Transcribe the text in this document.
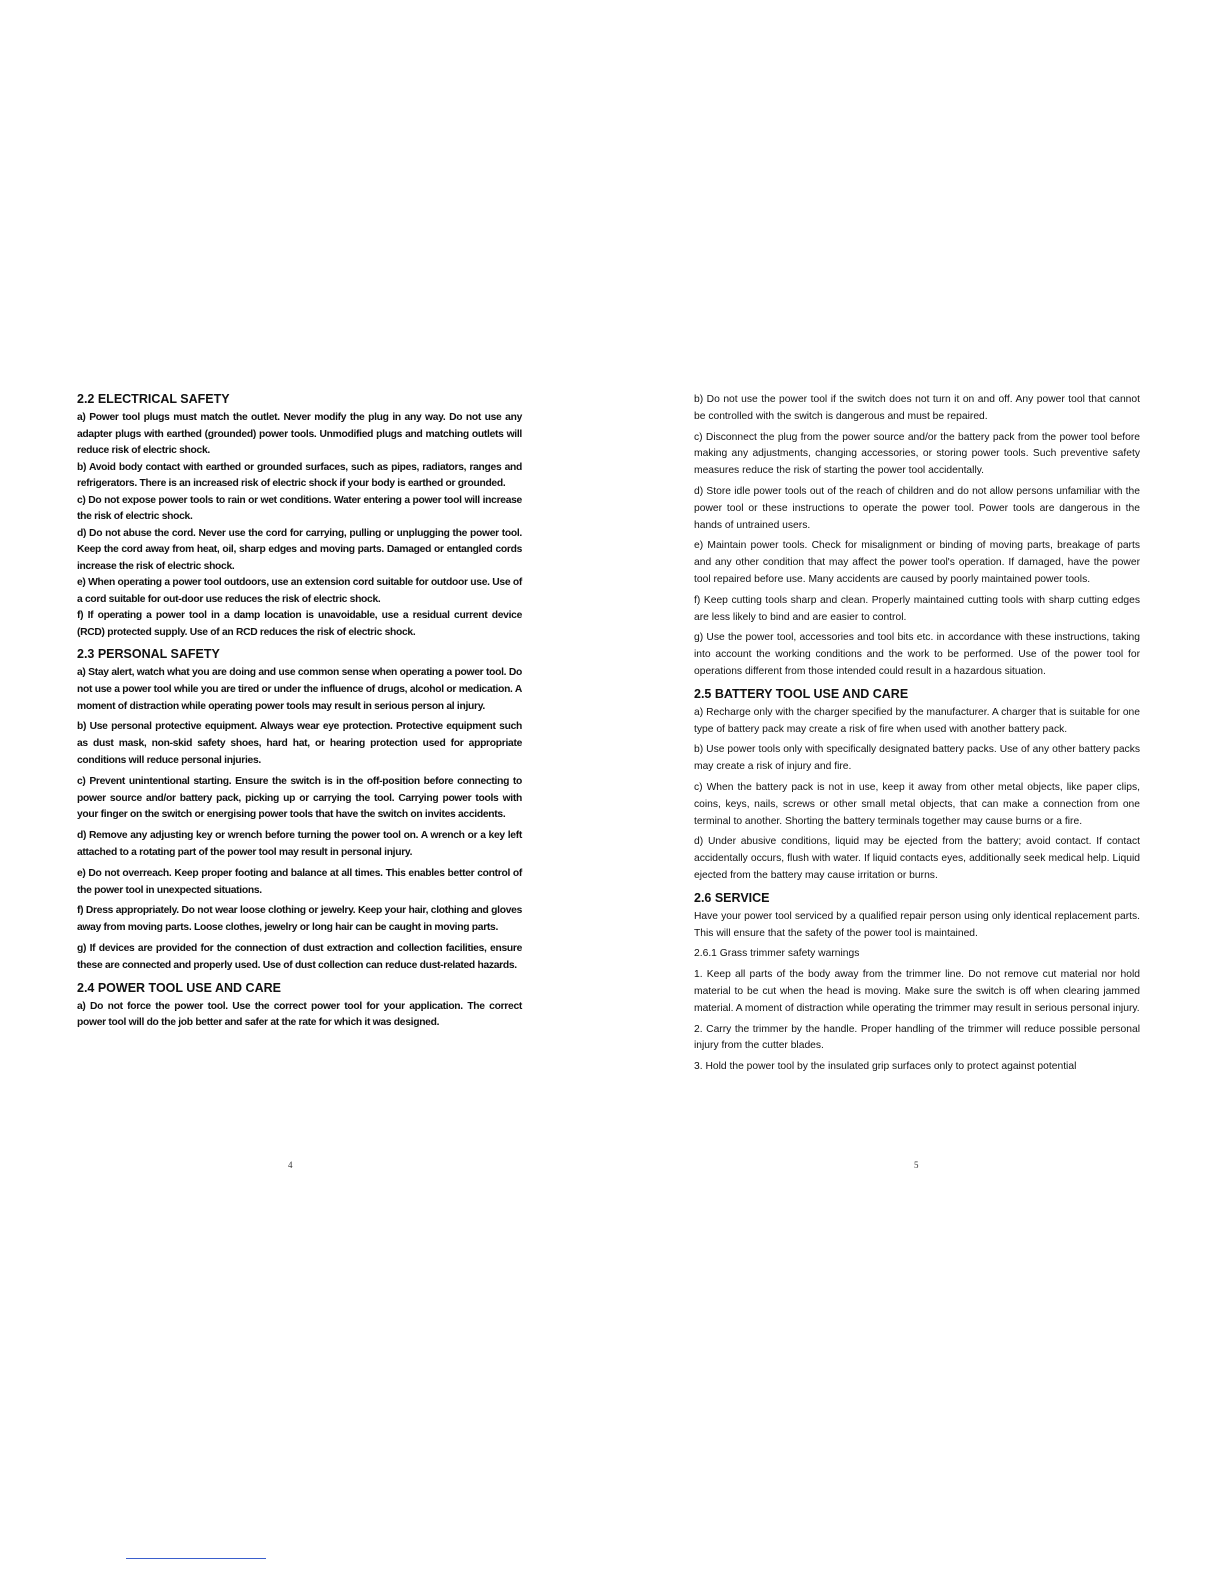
2.2 ELECTRICAL SAFETY

a) Power tool plugs must match the outlet. Never modify the plug in any way. Do not use any adapter plugs with earthed (grounded) power tools. Unmodified plugs and matching outlets will reduce risk of electric shock.

b) Avoid body contact with earthed or grounded surfaces, such as pipes, radiators, ranges and refrigerators. There is an increased risk of electric shock if your body is earthed or grounded.

c) Do not expose power tools to rain or wet conditions. Water entering a power tool will increase the risk of electric shock.

d) Do not abuse the cord. Never use the cord for carrying, pulling or unplugging the power tool. Keep the cord away from heat, oil, sharp edges and moving parts. Damaged or entangled cords increase the risk of electric shock.

e) When operating a power tool outdoors, use an extension cord suitable for outdoor use. Use of a cord suitable for out-door use reduces the risk of electric shock.

f) If operating a power tool in a damp location is unavoidable, use a residual current device (RCD) protected supply. Use of an RCD reduces the risk of electric shock.

2.3 PERSONAL SAFETY

a) Stay alert, watch what you are doing and use common sense when operating a power tool. Do not use a power tool while you are tired or under the influence of drugs, alcohol or medication. A moment of distraction while operating power tools may result in serious person al injury.

b) Use personal protective equipment. Always wear eye protection. Protective equipment such as dust mask, non-skid safety shoes, hard hat, or hearing protection used for appropriate conditions will reduce personal injuries.

c) Prevent unintentional starting. Ensure the switch is in the off-position before connecting to power source and/or battery pack, picking up or carrying the tool. Carrying power tools with your finger on the switch or energising power tools that have the switch on invites accidents.

d) Remove any adjusting key or wrench before turning the power tool on. A wrench or a key left attached to a rotating part of the power tool may result in personal injury.

e) Do not overreach. Keep proper footing and balance at all times. This enables better control of the power tool in unexpected situations.

f) Dress appropriately. Do not wear loose clothing or jewelry. Keep your hair, clothing and gloves away from moving parts. Loose clothes, jewelry or long hair can be caught in moving parts.

g) If devices are provided for the connection of dust extraction and collection facilities, ensure these are connected and properly used. Use of dust collection can reduce dust-related hazards.

2.4 POWER TOOL USE AND CARE

a) Do not force the power tool. Use the correct power tool for your application. The correct power tool will do the job better and safer at the rate for which it was designed.

4

b) Do not use the power tool if the switch does not turn it on and off. Any power tool that cannot be controlled with the switch is dangerous and must be repaired.

c) Disconnect the plug from the power source and/or the battery pack from the power tool before making any adjustments, changing accessories, or storing power tools. Such preventive safety measures reduce the risk of starting the power tool accidentally.

d) Store idle power tools out of the reach of children and do not allow persons unfamiliar with the power tool or these instructions to operate the power tool. Power tools are dangerous in the hands of untrained users.

e) Maintain power tools. Check for misalignment or binding of moving parts, breakage of parts and any other condition that may affect the power tool's operation. If damaged, have the power tool repaired before use. Many accidents are caused by poorly maintained power tools.

f) Keep cutting tools sharp and clean. Properly maintained cutting tools with sharp cutting edges are less likely to bind and are easier to control.

g) Use the power tool, accessories and tool bits etc. in accordance with these instructions, taking into account the working conditions and the work to be performed. Use of the power tool for operations different from those intended could result in a hazardous situation.

2.5 BATTERY TOOL USE AND CARE

a) Recharge only with the charger specified by the manufacturer. A charger that is suitable for one type of battery pack may create a risk of fire when used with another battery pack.

b) Use power tools only with specifically designated battery packs. Use of any other battery packs may create a risk of injury and fire.

c) When the battery pack is not in use, keep it away from other metal objects, like paper clips, coins, keys, nails, screws or other small metal objects, that can make a connection from one terminal to another. Shorting the battery terminals together may cause burns or a fire.

d) Under abusive conditions, liquid may be ejected from the battery; avoid contact. If contact accidentally occurs, flush with water. If liquid contacts eyes, additionally seek medical help. Liquid ejected from the battery may cause irritation or burns.

2.6 SERVICE

Have your power tool serviced by a qualified repair person using only identical replacement parts. This will ensure that the safety of the power tool is maintained.

2.6.1 Grass trimmer safety warnings

1. Keep all parts of the body away from the trimmer line. Do not remove cut material nor hold material to be cut when the head is moving. Make sure the switch is off when clearing jammed material. A moment of distraction while operating the trimmer may result in serious personal injury.

2. Carry the trimmer by the handle. Proper handling of the trimmer will reduce possible personal injury from the cutter blades.

3. Hold the power tool by the insulated grip surfaces only to protect against potential

5
